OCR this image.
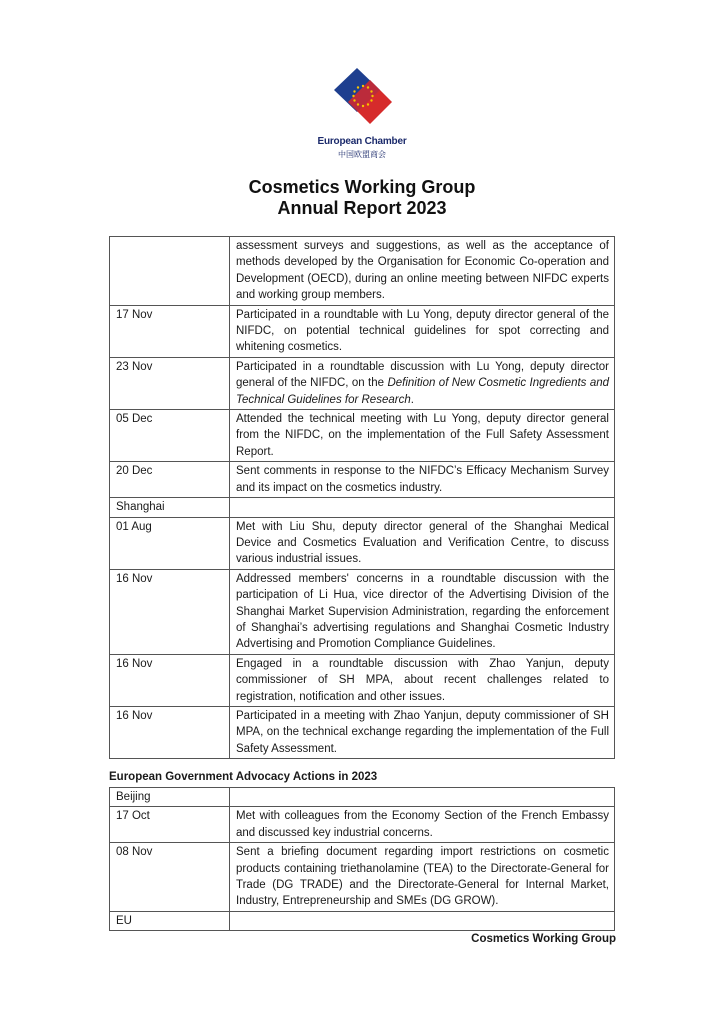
European Chamber
中国欧盟商会
Cosmetics Working Group
Annual Report 2023
	assessment surveys and suggestions, as well as the acceptance of methods developed by the Organisation for Economic Co-operation and Development (OECD), during an online meeting between NIFDC experts and working group members.
17 Nov	Participated in a roundtable with Lu Yong, deputy director general of the NIFDC, on potential technical guidelines for spot correcting and whitening cosmetics.
23 Nov	Participated in a roundtable discussion with Lu Yong, deputy director general of the NIFDC, on the Definition of New Cosmetic Ingredients and Technical Guidelines for Research.
05 Dec	Attended the technical meeting with Lu Yong, deputy director general from the NIFDC, on the implementation of the Full Safety Assessment Report.
20 Dec	Sent comments in response to the NIFDC’s Efficacy Mechanism Survey and its impact on the cosmetics industry.
Shanghai	
01 Aug	Met with Liu Shu, deputy director general of the Shanghai Medical Device and Cosmetics Evaluation and Verification Centre, to discuss various industrial issues.
16 Nov	Addressed members' concerns in a roundtable discussion with the participation of Li Hua, vice director of the Advertising Division of the Shanghai Market Supervision Administration, regarding the enforcement of Shanghai’s advertising regulations and Shanghai Cosmetic Industry Advertising and Promotion Compliance Guidelines.
16 Nov	Engaged in a roundtable discussion with Zhao Yanjun, deputy commissioner of SH MPA, about recent challenges related to registration, notification and other issues.
16 Nov	Participated in a meeting with Zhao Yanjun, deputy commissioner of SH MPA, on the technical exchange regarding the implementation of the Full Safety Assessment.
European Government Advocacy Actions in 2023
Beijing	
17 Oct	Met with colleagues from the Economy Section of the French Embassy and discussed key industrial concerns.
08 Nov	Sent a briefing document regarding import restrictions on cosmetic products containing triethanolamine (TEA) to the Directorate-General for Trade (DG TRADE) and the Directorate-General for Internal Market, Industry, Entrepreneurship and SMEs (DG GROW).
EU	
Cosmetics Working Group
